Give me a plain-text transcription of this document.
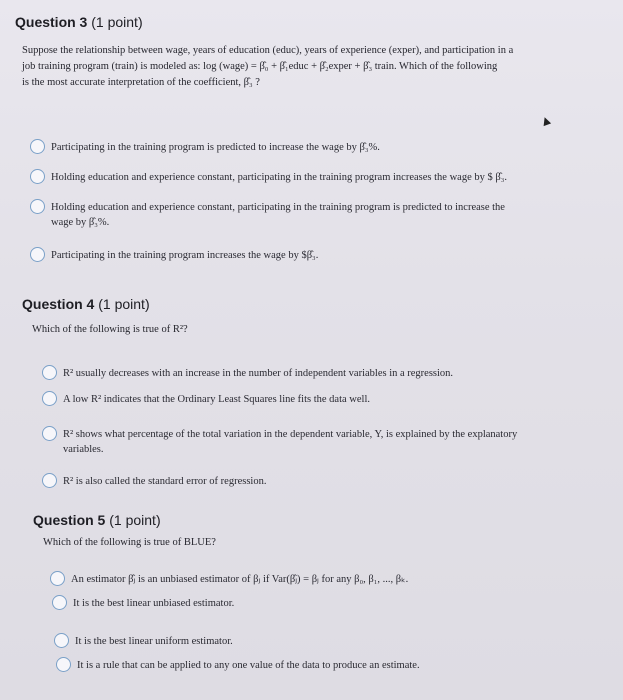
Question 3 (1 point)
Suppose the relationship between wage, years of education (educ), years of experience (exper), and participation in a
job training program (train) is modeled as: log (wage) = β̂₀ + β̂₁educ + β̂₂exper + β̂₃ train. Which of the following
is the most accurate interpretation of the coefficient, β̂₃ ?
Participating in the training program is predicted to increase the wage by β̂₃%.
Holding education and experience constant, participating in the training program increases the wage by $ β̂₃.
Holding education and experience constant, participating in the training program is predicted to increase the
wage by β̂₃%.
Participating in the training program increases the wage by $β̂₃.
Question 4 (1 point)
Which of the following is true of R²?
R² usually decreases with an increase in the number of independent variables in a regression.
A low R² indicates that the Ordinary Least Squares line fits the data well.
R² shows what percentage of the total variation in the dependent variable, Y, is explained by the explanatory
variables.
R² is also called the standard error of regression.
Question 5 (1 point)
Which of the following is true of BLUE?
An estimator β̂ⱼ is an unbiased estimator of βⱼ if Var(β̂ⱼ) = βⱼ for any β₀, β₁, ..., βₖ.
It is the best linear unbiased estimator.
It is the best linear uniform estimator.
It is a rule that can be applied to any one value of the data to produce an estimate.
